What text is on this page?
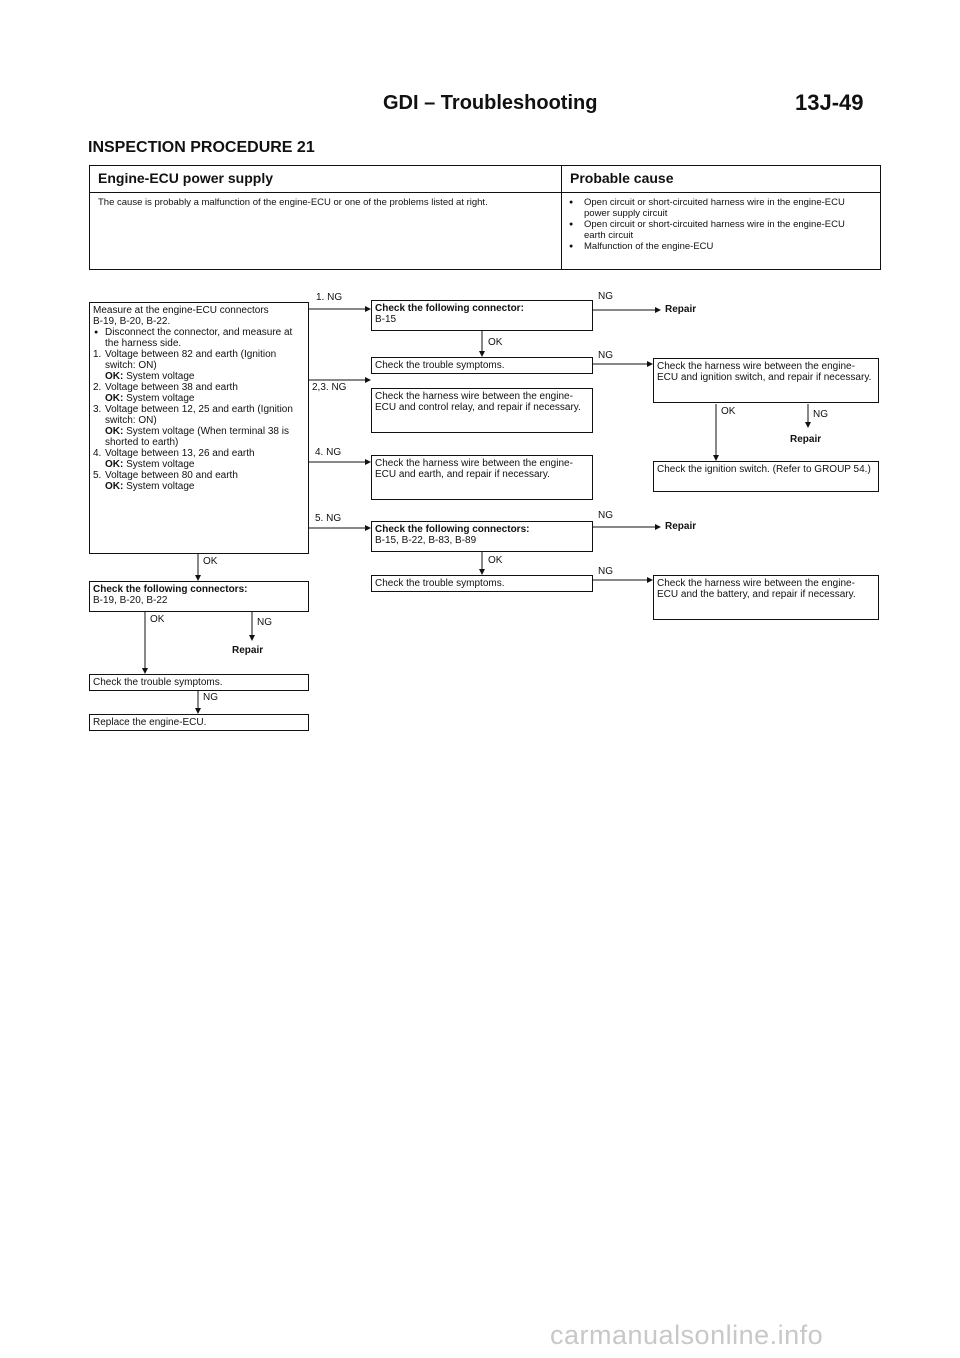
GDI – Troubleshooting	13J-49
INSPECTION PROCEDURE 21
Engine-ECU power supply	Probable cause
The cause is probably a malfunction of the engine-ECU or one of the problems listed at right.
●	Open circuit or short-circuited harness wire in the engine-ECU power supply circuit
● Open circuit or short-circuited harness wire in the engine-ECU earth circuit
● Malfunction of the engine-ECU
Measure at the engine-ECU connectors
B-19, B-20, B-22.
● Disconnect the connector, and measure at the harness side.
1. Voltage between 82 and earth (Ignition switch: ON)
OK: System voltage
2. Voltage between 38 and earth
OK: System voltage
3. Voltage between 12, 25 and earth (Ignition switch: ON)
OK: System voltage (When terminal 38 is shorted to earth)
4. Voltage between 13, 26 and earth
OK: System voltage
5. Voltage between 80 and earth
OK: System voltage
OK
Check the following connectors:
B-19, B-20, B-22
OK	NG
Repair
Check the trouble symptoms.
NG
Replace the engine-ECU.
1. NG
2,3. NG
4. NG
5. NG
Check the following connector:
B-15
OK
Check the trouble symptoms.
Check the harness wire between the engine-ECU and control relay, and repair if necessary.
Check the harness wire between the engine-ECU and earth, and repair if necessary.
Check the following connectors:
B-15, B-22, B-83, B-89
OK
Check the trouble symptoms.
NG
NG
NG
NG
Repair
Check the harness wire between the engine-ECU and ignition switch, and repair if necessary.
OK	NG
Repair
Check the ignition switch. (Refer to GROUP 54.)
Repair
Check the harness wire between the engine-ECU and the battery, and repair if necessary.
carmanualsonline.info
